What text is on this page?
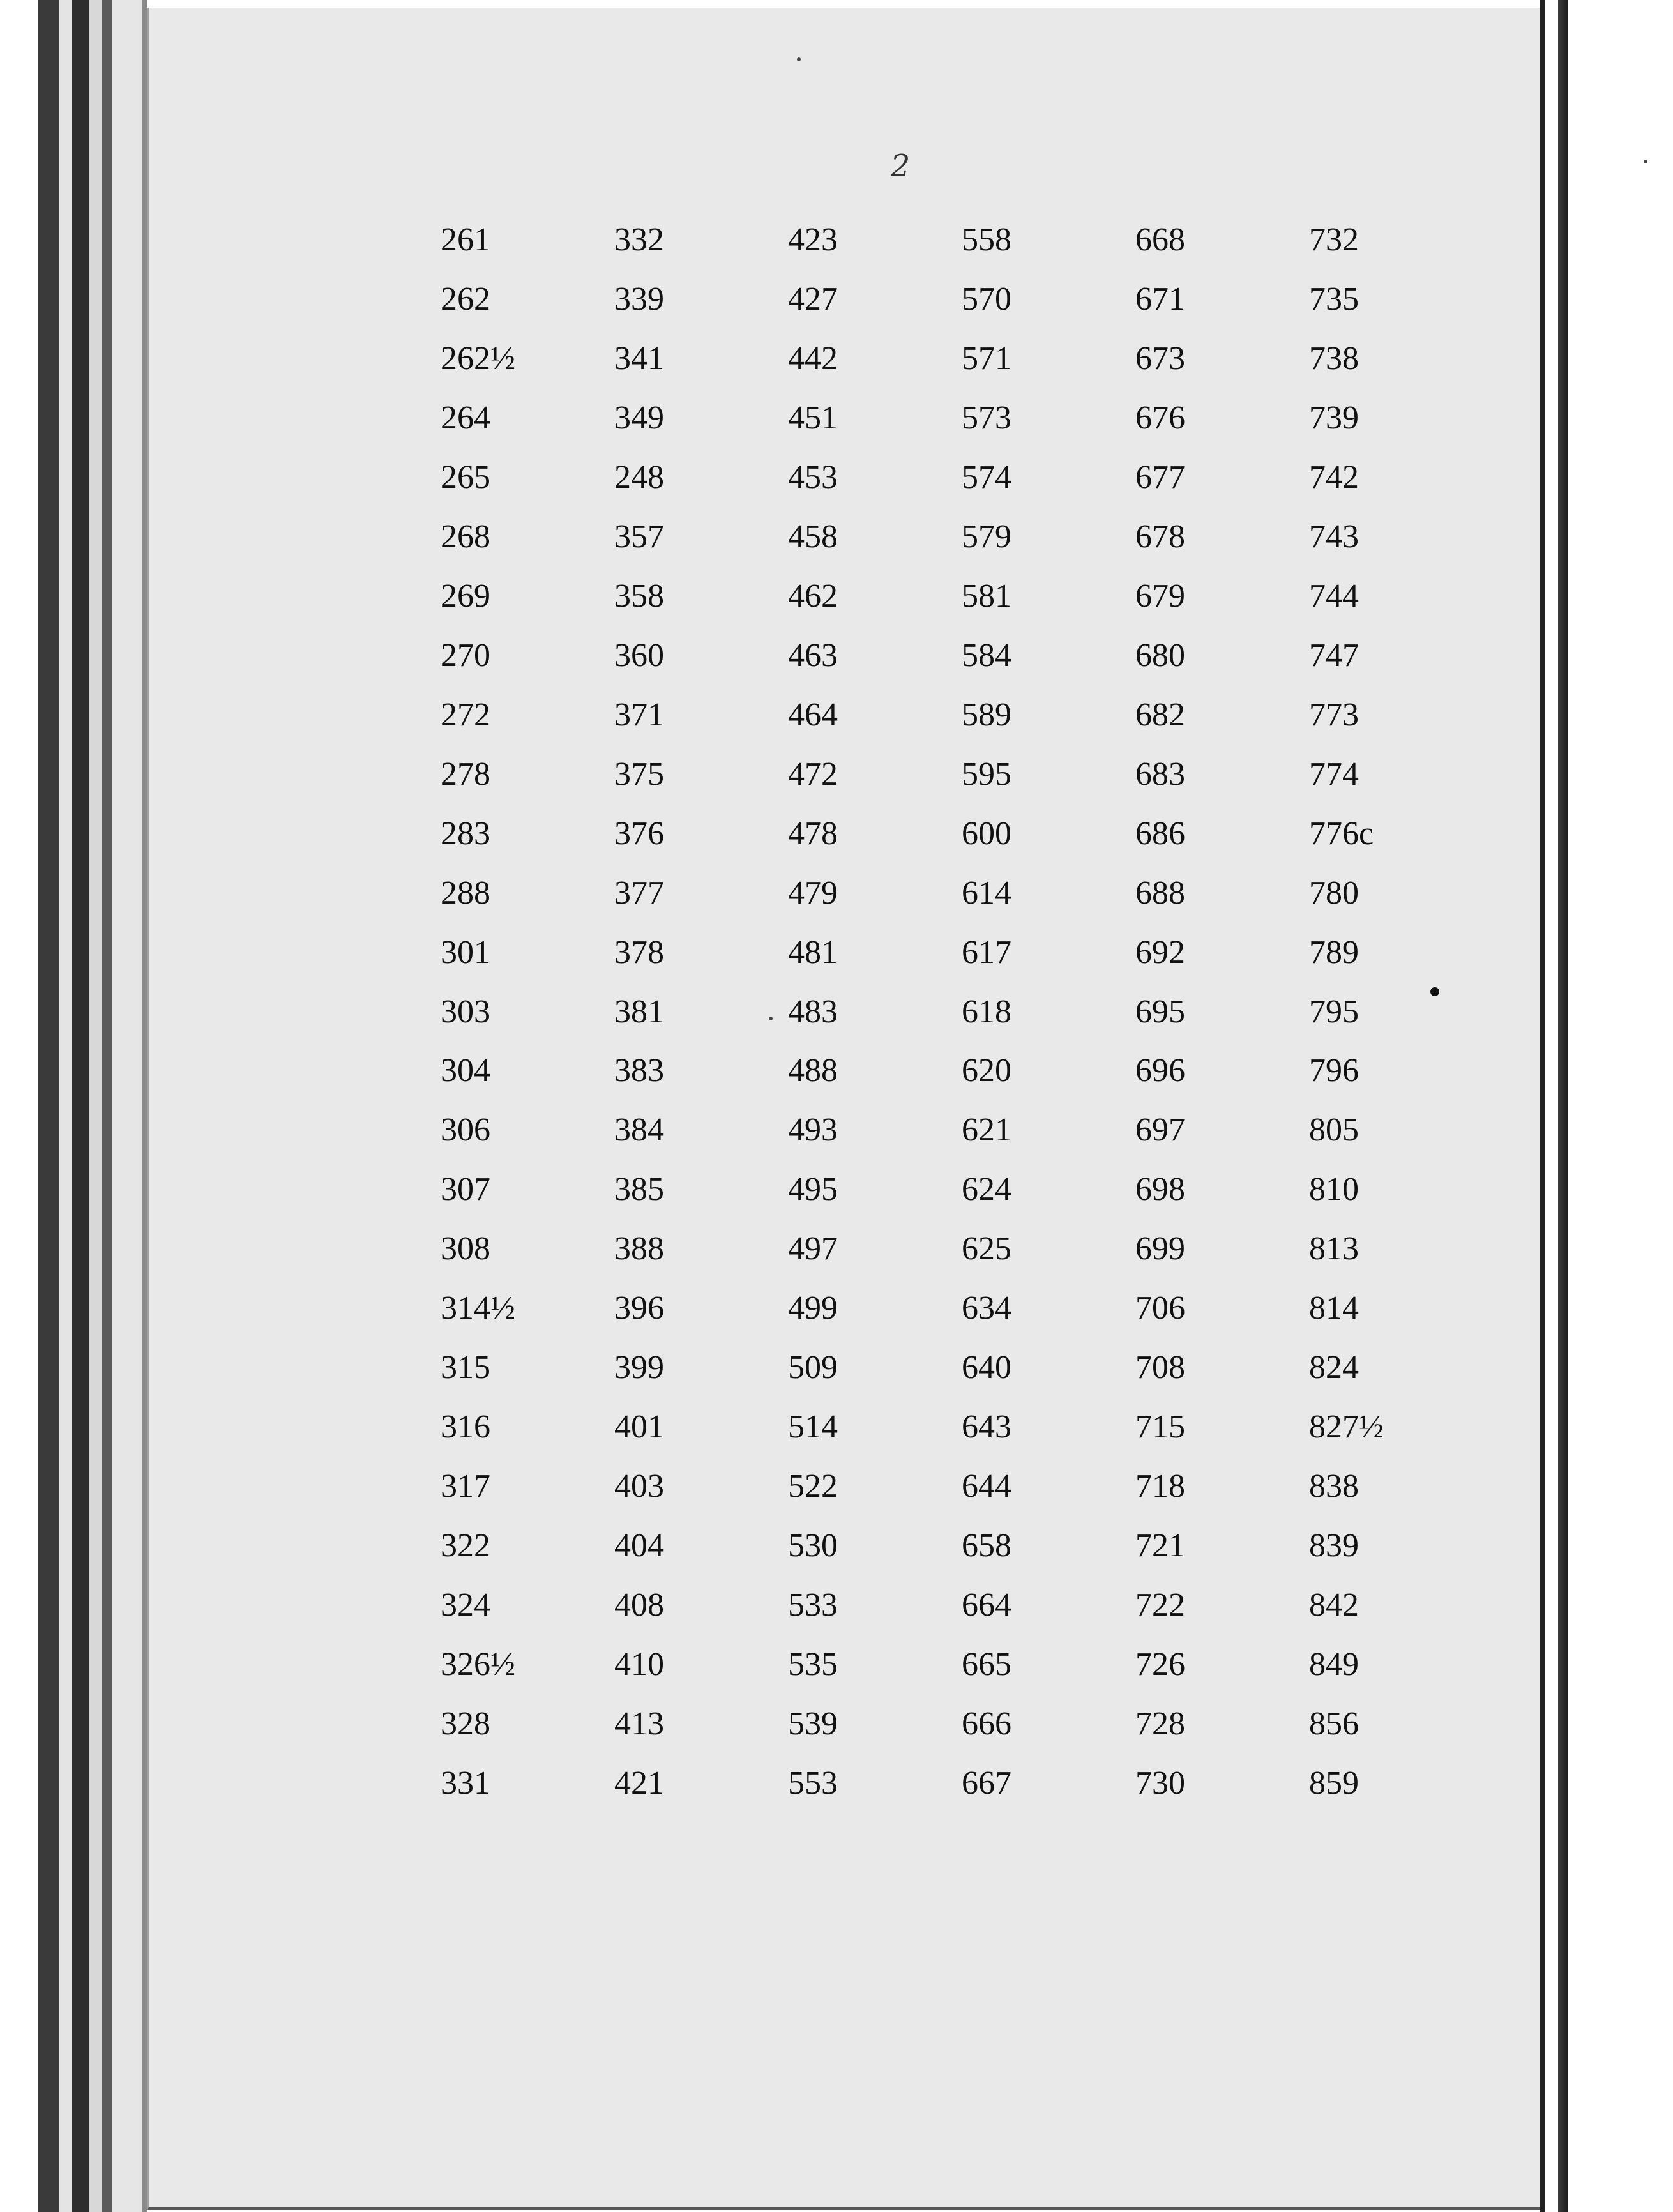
2
261
262
262½
264
265
268
269
270
272
278
283
288
301
303
304
306
307
308
314½
315
316
317
322
324
326½
328
331
332
339
341
349
248
357
358
360
371
375
376
377
378
381
383
384
385
388
396
399
401
403
404
408
410
413
421
423
427
442
451
453
458
462
463
464
472
478
479
481
483
488
493
495
497
499
509
514
522
530
533
535
539
553
558
570
571
573
574
579
581
584
589
595
600
614
617
618
620
621
624
625
634
640
643
644
658
664
665
666
667
668
671
673
676
677
678
679
680
682
683
686
688
692
695
696
697
698
699
706
708
715
718
721
722
726
728
730
732
735
738
739
742
743
744
747
773
774
776c
780
789
795
796
805
810
813
814
824
827½
838
839
842
849
856
859
